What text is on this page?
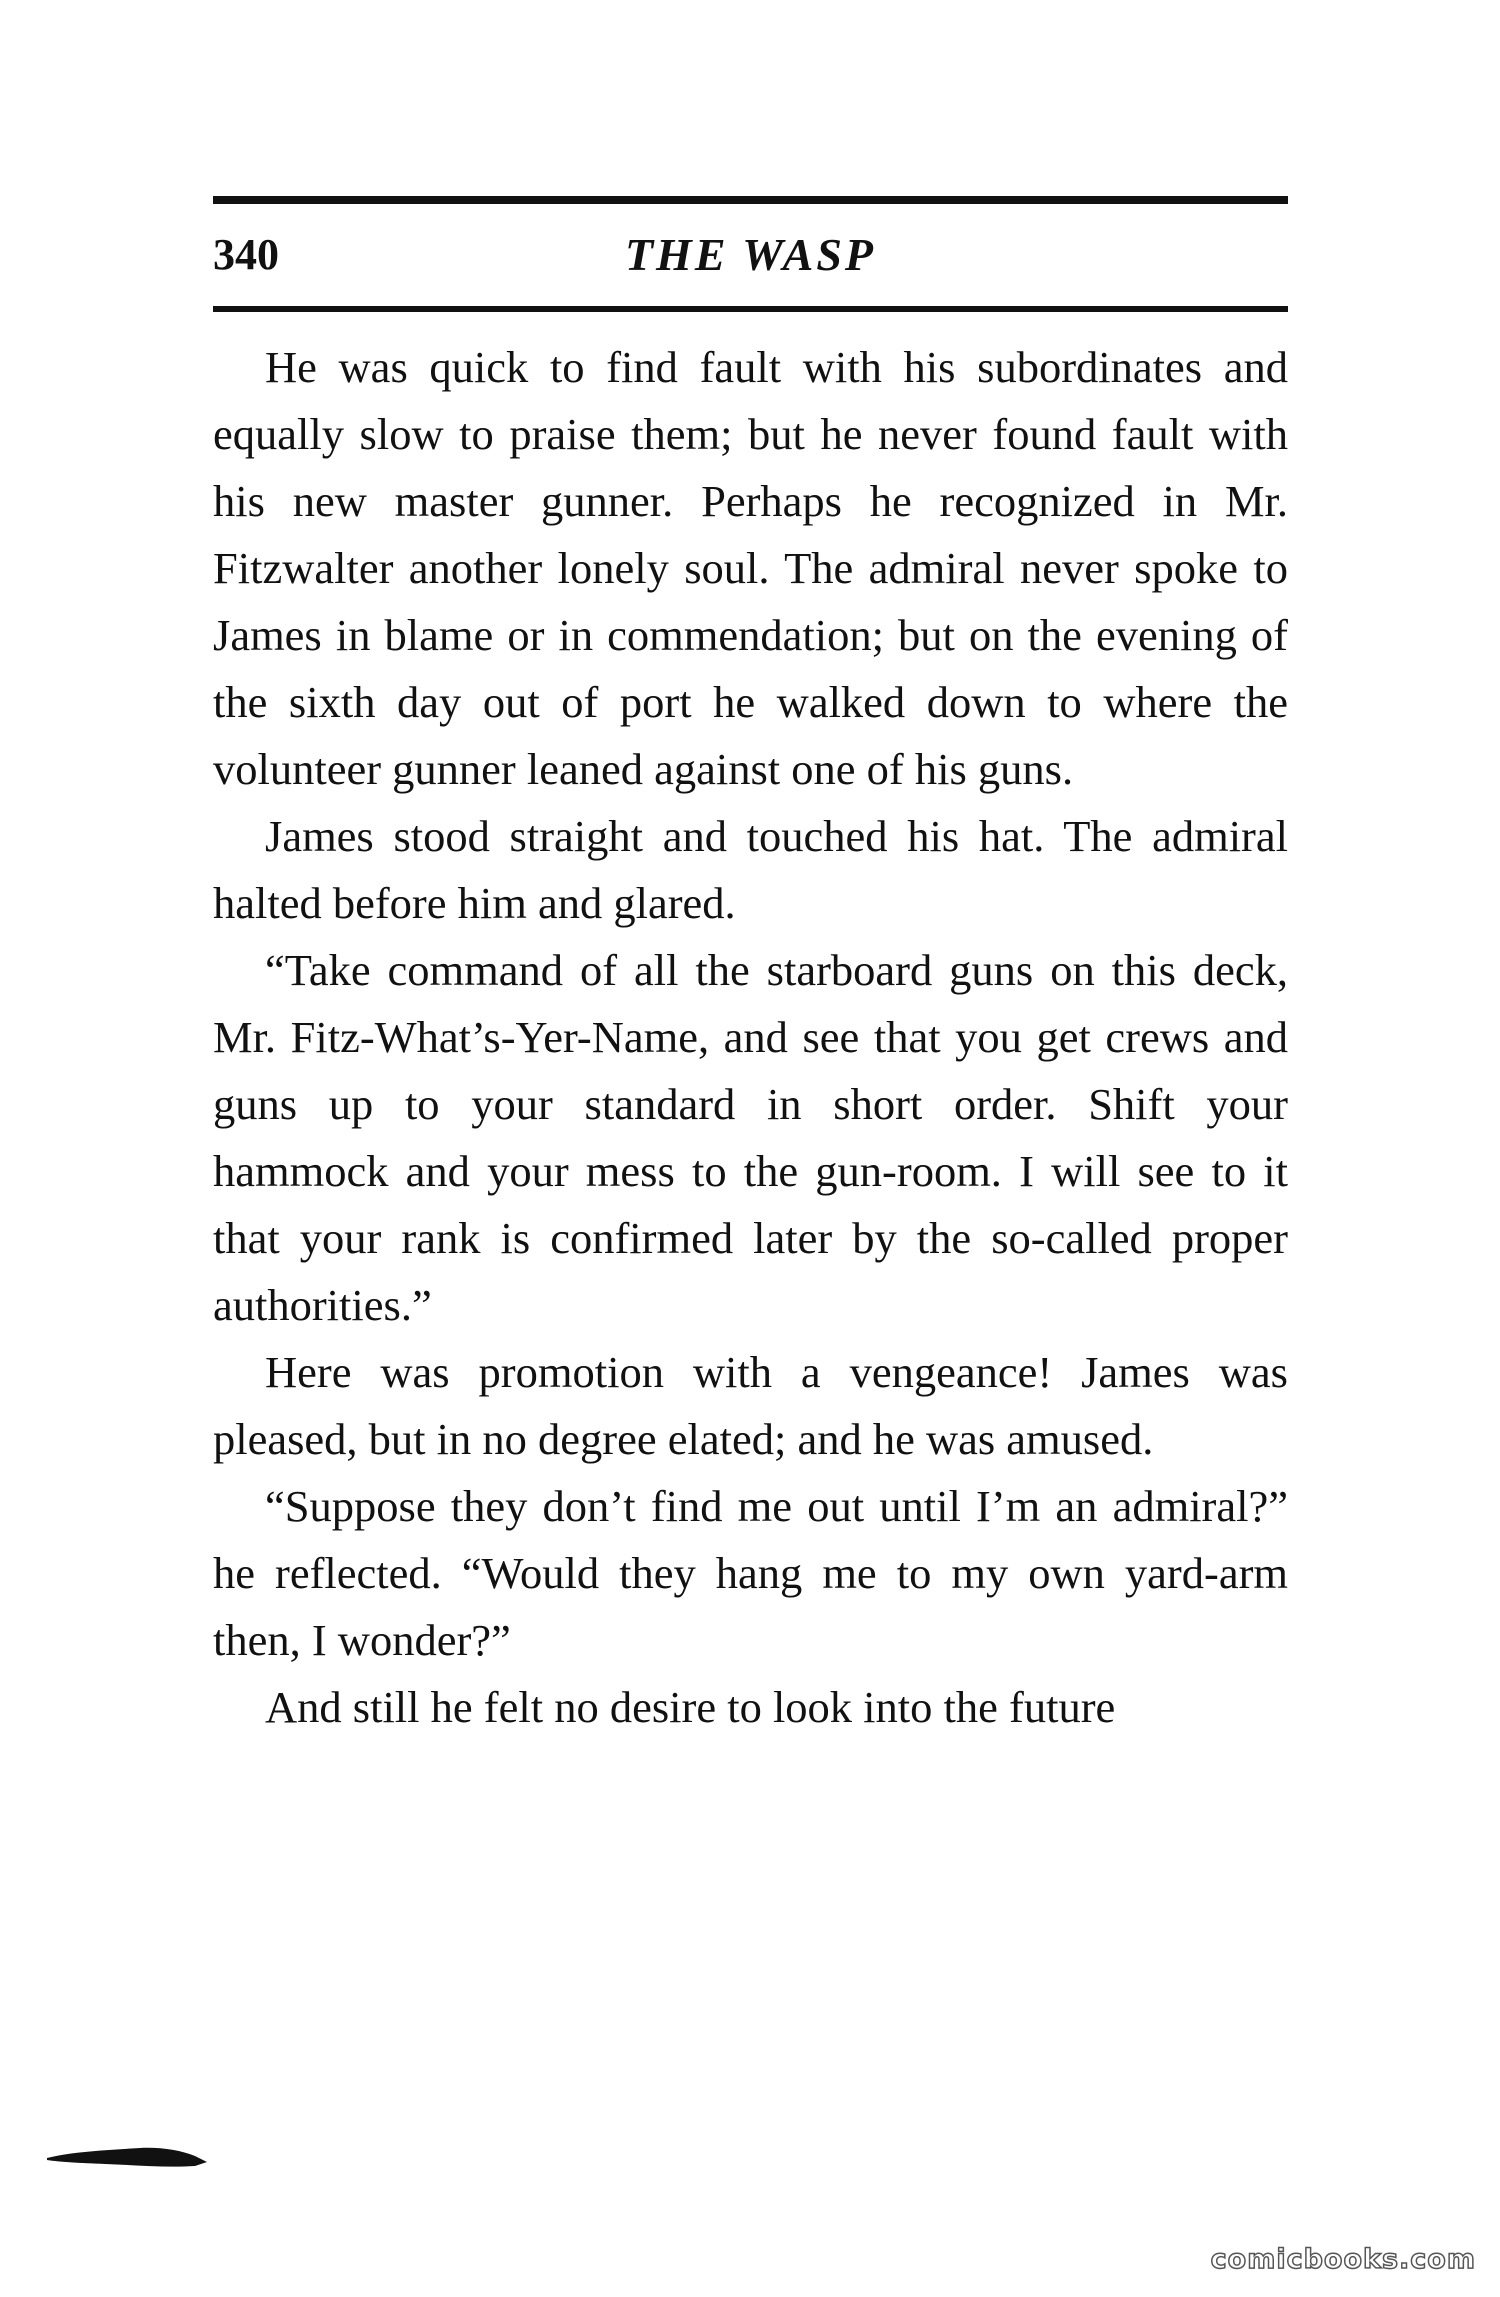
340	THE WASP

He was quick to find fault with his subordinates and equally slow to praise them; but he never found fault with his new master gunner. Perhaps he recognized in Mr. Fitzwalter another lonely soul. The admiral never spoke to James in blame or in commendation; but on the evening of the sixth day out of port he walked down to where the volunteer gunner leaned against one of his guns.

James stood straight and touched his hat. The admiral halted before him and glared.

“Take command of all the starboard guns on this deck, Mr. Fitz-What’s-Yer-Name, and see that you get crews and guns up to your standard in short order. Shift your hammock and your mess to the gun-room. I will see to it that your rank is confirmed later by the so-called proper authorities.”

Here was promotion with a vengeance! James was pleased, but in no degree elated; and he was amused.

“Suppose they don’t find me out until I’m an admiral?” he reflected. “Would they hang me to my own yard-arm then, I wonder?”

And still he felt no desire to look into the future

comicbooks.com
